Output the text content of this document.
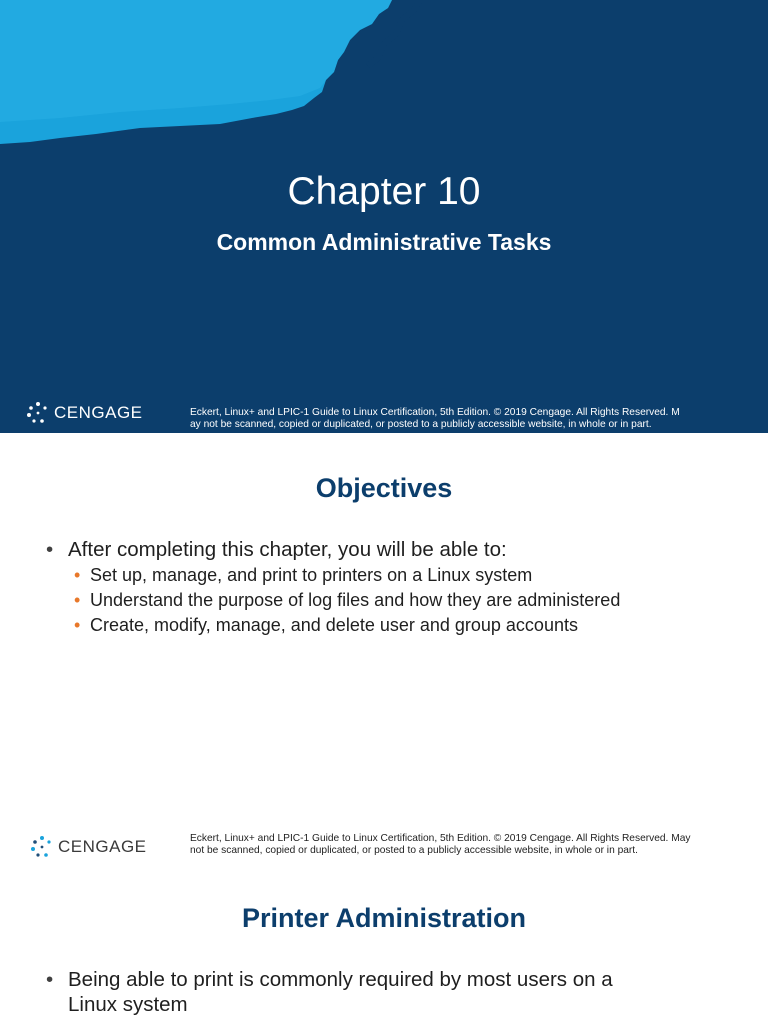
Chapter 10
Common Administrative Tasks
CENGAGE	Eckert, Linux+ and LPIC-1 Guide to Linux Certification, 5th Edition. © 2019 Cengage. All Rights Reserved. M
ay not be scanned, copied or duplicated, or posted to a publicly accessible website, in whole or in part.
Objectives
• After completing this chapter, you will be able to:
• Set up, manage, and print to printers on a Linux system
• Understand the purpose of log files and how they are administered
• Create, modify, manage, and delete user and group accounts
CENGAGE	Eckert, Linux+ and LPIC-1 Guide to Linux Certification, 5th Edition. © 2019 Cengage. All Rights Reserved. May
not be scanned, copied or duplicated, or posted to a publicly accessible website, in whole or in part.
Printer Administration
• Being able to print is commonly required by most users on a
Linux system
